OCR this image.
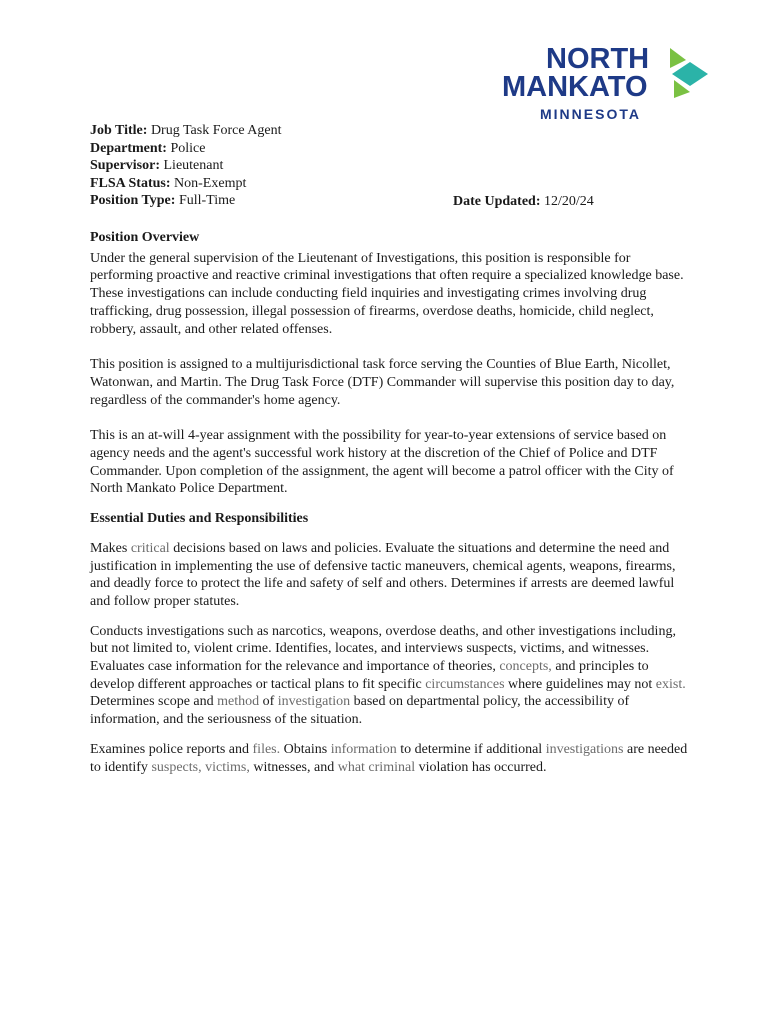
NORTH
MANKATO
MINNESOTA
Job Title: Drug Task Force Agent
Department: Police
Supervisor: Lieutenant
FLSA Status: Non-Exempt
Position Type: Full-Time	Date Updated: 12/20/24
Position Overview

Under the general supervision of the Lieutenant of Investigations, this position is responsible for performing proactive and reactive criminal investigations that often require a specialized knowledge base. These investigations can include conducting field inquiries and investigating crimes involving drug trafficking, drug possession, illegal possession of firearms, overdose deaths, homicide, child neglect, robbery, assault, and other related offenses.

This position is assigned to a multijurisdictional task force serving the Counties of Blue Earth, Nicollet, Watonwan, and Martin. The Drug Task Force (DTF) Commander will supervise this position day to day, regardless of the commander's home agency.

This is an at-will 4-year assignment with the possibility for year-to-year extensions of service based on agency needs and the agent's successful work history at the discretion of the Chief of Police and DTF Commander. Upon completion of the assignment, the agent will become a patrol officer with the City of North Mankato Police Department.

Essential Duties and Responsibilities

Makes critical decisions based on laws and policies. Evaluate the situations and determine the need and justification in implementing the use of defensive tactic maneuvers, chemical agents, weapons, firearms, and deadly force to protect the life and safety of self and others. Determines if arrests are deemed lawful and follow proper statutes.

Conducts investigations such as narcotics, weapons, overdose deaths, and other investigations including, but not limited to, violent crime. Identifies, locates, and interviews suspects, victims, and witnesses. Evaluates case information for the relevance and importance of theories, concepts, and principles to develop different approaches or tactical plans to fit specific circumstances where guidelines may not exist. Determines scope and method of investigation based on departmental policy, the accessibility of information, and the seriousness of the situation.

Examines police reports and files. Obtains information to determine if additional investigations are needed to identify suspects, victims, witnesses, and what criminal violation has occurred.
